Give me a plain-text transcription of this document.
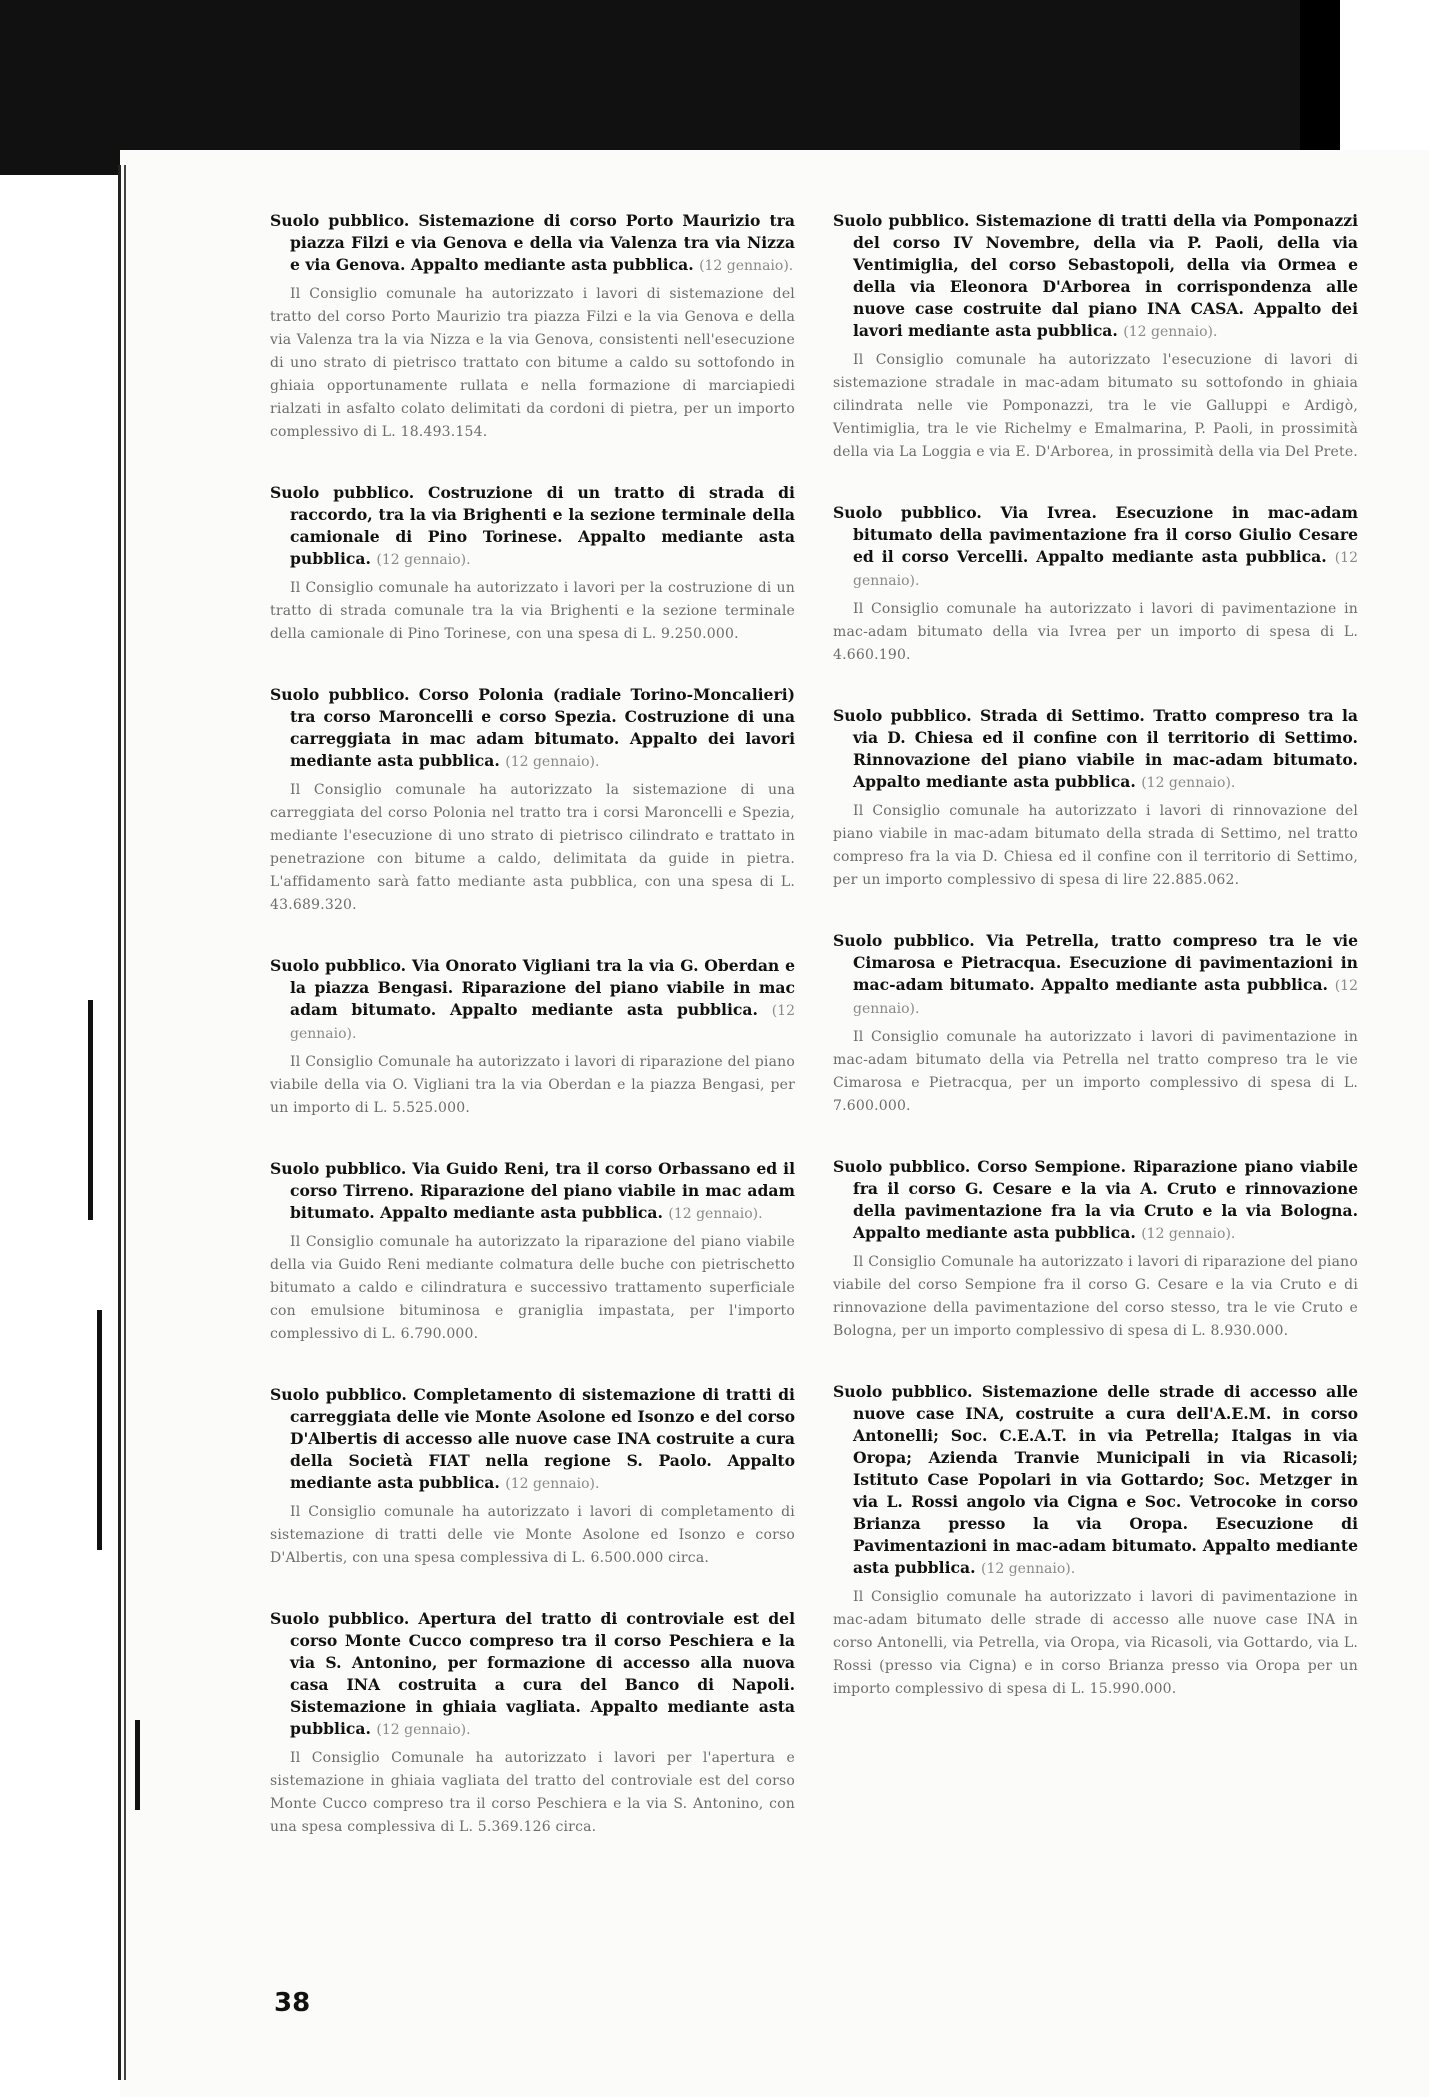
Suolo pubblico. Sistemazione di corso Porto Maurizio tra piazza Filzi e via Genova e della via Valenza tra via Nizza e via Genova. Appalto mediante asta pubblica. (12 gennaio).

Il Consiglio comunale ha autorizzato i lavori di sistemazione del tratto del corso Porto Maurizio tra piazza Filzi e la via Genova e della via Valenza tra la via Nizza e la via Genova, consistenti nell'esecuzione di uno strato di pietrisco trattato con bitume a caldo su sottofondo in ghiaia opportunamente rullata e nella formazione di marciapiedi rialzati in asfalto colato delimitati da cordoni di pietra, per un importo complessivo di L. 18.493.154.

Suolo pubblico. Costruzione di un tratto di strada di raccordo, tra la via Brighenti e la sezione terminale della camionale di Pino Torinese. Appalto mediante asta pubblica. (12 gennaio).

Il Consiglio comunale ha autorizzato i lavori per la costruzione di un tratto di strada comunale tra la via Brighenti e la sezione terminale della camionale di Pino Torinese, con una spesa di L. 9.250.000.

Suolo pubblico. Corso Polonia (radiale Torino-Moncalieri) tra corso Maroncelli e corso Spezia. Costruzione di una carreggiata in mac adam bitumato. Appalto dei lavori mediante asta pubblica. (12 gennaio).

Il Consiglio comunale ha autorizzato la sistemazione di una carreggiata del corso Polonia nel tratto tra i corsi Maroncelli e Spezia, mediante l'esecuzione di uno strato di pietrisco cilindrato e trattato in penetrazione con bitume a caldo, delimitata da guide in pietra. L'affidamento sarà fatto mediante asta pubblica, con una spesa di L. 43.689.320.

Suolo pubblico. Via Onorato Vigliani tra la via G. Oberdan e la piazza Bengasi. Riparazione del piano viabile in mac adam bitumato. Appalto mediante asta pubblica. (12 gennaio).

Il Consiglio Comunale ha autorizzato i lavori di riparazione del piano viabile della via O. Vigliani tra la via Oberdan e la piazza Bengasi, per un importo di L. 5.525.000.

Suolo pubblico. Via Guido Reni, tra il corso Orbassano ed il corso Tirreno. Riparazione del piano viabile in mac adam bitumato. Appalto mediante asta pubblica. (12 gennaio).

Il Consiglio comunale ha autorizzato la riparazione del piano viabile della via Guido Reni mediante colmatura delle buche con pietrischetto bitumato a caldo e cilindratura e successivo trattamento superficiale con emulsione bituminosa e graniglia impastata, per l'importo complessivo di L. 6.790.000.

Suolo pubblico. Completamento di sistemazione di tratti di carreggiata delle vie Monte Asolone ed Isonzo e del corso D'Albertis di accesso alle nuove case INA costruite a cura della Società FIAT nella regione S. Paolo. Appalto mediante asta pubblica. (12 gennaio).

Il Consiglio comunale ha autorizzato i lavori di completamento di sistemazione di tratti delle vie Monte Asolone ed Isonzo e corso D'Albertis, con una spesa complessiva di L. 6.500.000 circa.

Suolo pubblico. Apertura del tratto di controviale est del corso Monte Cucco compreso tra il corso Peschiera e la via S. Antonino, per formazione di accesso alla nuova casa INA costruita a cura del Banco di Napoli. Sistemazione in ghiaia vagliata. Appalto mediante asta pubblica. (12 gennaio).

Il Consiglio Comunale ha autorizzato i lavori per l'apertura e sistemazione in ghiaia vagliata del tratto del controviale est del corso Monte Cucco compreso tra il corso Peschiera e la via S. Antonino, con una spesa complessiva di L. 5.369.126 circa.

Suolo pubblico. Sistemazione di tratti della via Pomponazzi del corso IV Novembre, della via P. Paoli, della via Ventimiglia, del corso Sebastopoli, della via Ormea e della via Eleonora D'Arborea in corrispondenza alle nuove case costruite dal piano INA CASA. Appalto dei lavori mediante asta pubblica. (12 gennaio).

Il Consiglio comunale ha autorizzato l'esecuzione di lavori di sistemazione stradale in mac-adam bitumato su sottofondo in ghiaia cilindrata nelle vie Pomponazzi, tra le vie Galluppi e Ardigò, Ventimiglia, tra le vie Richelmy e Emalmarina, P. Paoli, in prossimità della via La Loggia e via E. D'Arborea, in prossimità della via Del Prete.

Suolo pubblico. Via Ivrea. Esecuzione in mac-adam bitumato della pavimentazione fra il corso Giulio Cesare ed il corso Vercelli. Appalto mediante asta pubblica. (12 gennaio).

Il Consiglio comunale ha autorizzato i lavori di pavimentazione in mac-adam bitumato della via Ivrea per un importo di spesa di L. 4.660.190.

Suolo pubblico. Strada di Settimo. Tratto compreso tra la via D. Chiesa ed il confine con il territorio di Settimo. Rinnovazione del piano viabile in mac-adam bitumato. Appalto mediante asta pubblica. (12 gennaio).

Il Consiglio comunale ha autorizzato i lavori di rinnovazione del piano viabile in mac-adam bitumato della strada di Settimo, nel tratto compreso fra la via D. Chiesa ed il confine con il territorio di Settimo, per un importo complessivo di spesa di lire 22.885.062.

Suolo pubblico. Via Petrella, tratto compreso tra le vie Cimarosa e Pietracqua. Esecuzione di pavimentazioni in mac-adam bitumato. Appalto mediante asta pubblica. (12 gennaio).

Il Consiglio comunale ha autorizzato i lavori di pavimentazione in mac-adam bitumato della via Petrella nel tratto compreso tra le vie Cimarosa e Pietracqua, per un importo complessivo di spesa di L. 7.600.000.

Suolo pubblico. Corso Sempione. Riparazione piano viabile fra il corso G. Cesare e la via A. Cruto e rinnovazione della pavimentazione fra la via Cruto e la via Bologna. Appalto mediante asta pubblica. (12 gennaio).

Il Consiglio Comunale ha autorizzato i lavori di riparazione del piano viabile del corso Sempione fra il corso G. Cesare e la via Cruto e di rinnovazione della pavimentazione del corso stesso, tra le vie Cruto e Bologna, per un importo complessivo di spesa di L. 8.930.000.

Suolo pubblico. Sistemazione delle strade di accesso alle nuove case INA, costruite a cura dell'A.E.M. in corso Antonelli; Soc. C.E.A.T. in via Petrella; Italgas in via Oropa; Azienda Tranvie Municipali in via Ricasoli; Istituto Case Popolari in via Gottardo; Soc. Metzger in via L. Rossi angolo via Cigna e Soc. Vetrocoke in corso Brianza presso la via Oropa. Esecuzione di Pavimentazioni in mac-adam bitumato. Appalto mediante asta pubblica. (12 gennaio).

Il Consiglio comunale ha autorizzato i lavori di pavimentazione in mac-adam bitumato delle strade di accesso alle nuove case INA in corso Antonelli, via Petrella, via Oropa, via Ricasoli, via Gottardo, via L. Rossi (presso via Cigna) e in corso Brianza presso via Oropa per un importo complessivo di spesa di L. 15.990.000.

38
